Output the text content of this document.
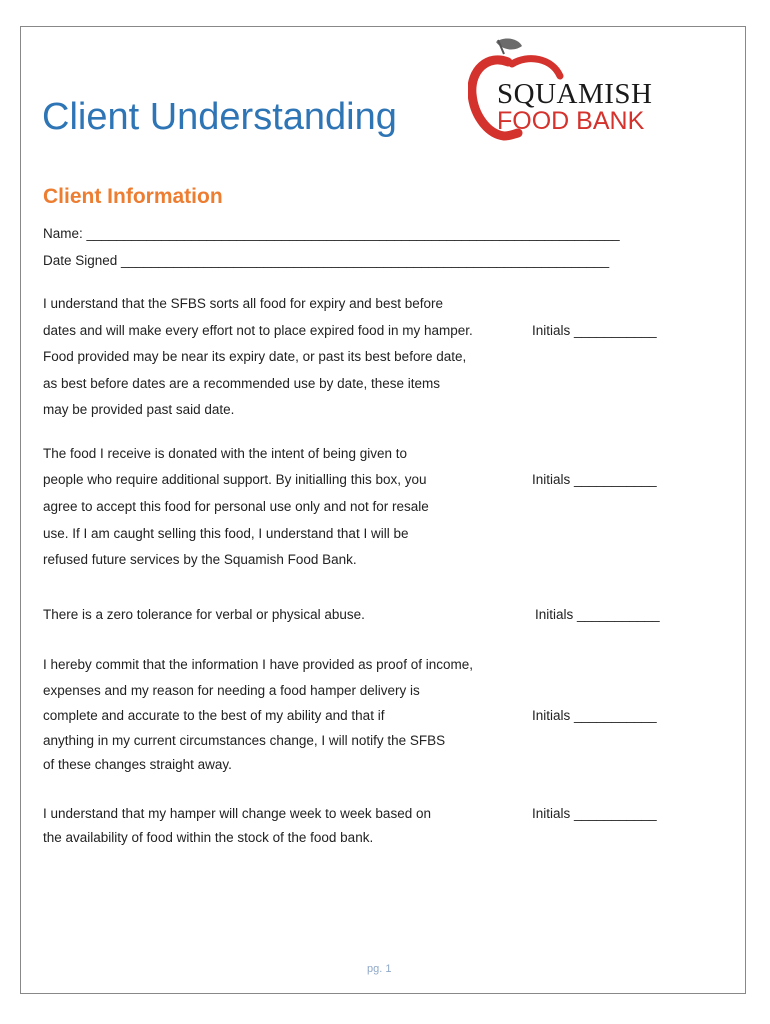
Client Understanding
SQUAMISH
FOOD BANK
Client Information
Name: _______________________________________________________________________
Date Signed _________________________________________________________________
I understand that the SFBS sorts all food for expiry and best before
dates and will make every effort not to place expired food in my hamper.
Food provided may be near its expiry date, or past its best before date,
as best before dates are a recommended use by date, these items
may be provided past said date.
Initials ___________
The food I receive is donated with the intent of being given to
people who require additional support. By initialling this box, you
agree to accept this food for personal use only and not for resale
use. If I am caught selling this food, I understand that I will be
refused future services by the Squamish Food Bank.
Initials ___________
There is a zero tolerance for verbal or physical abuse.	Initials ___________
I hereby commit that the information I have provided as proof of income,
expenses and my reason for needing a food hamper delivery is
complete and accurate to the best of my ability and that if
anything in my current circumstances change, I will notify the SFBS
of these changes straight away.
Initials ___________
I understand that my hamper will change week to week based on
the availability of food within the stock of the food bank.
Initials ___________
pg. 1
